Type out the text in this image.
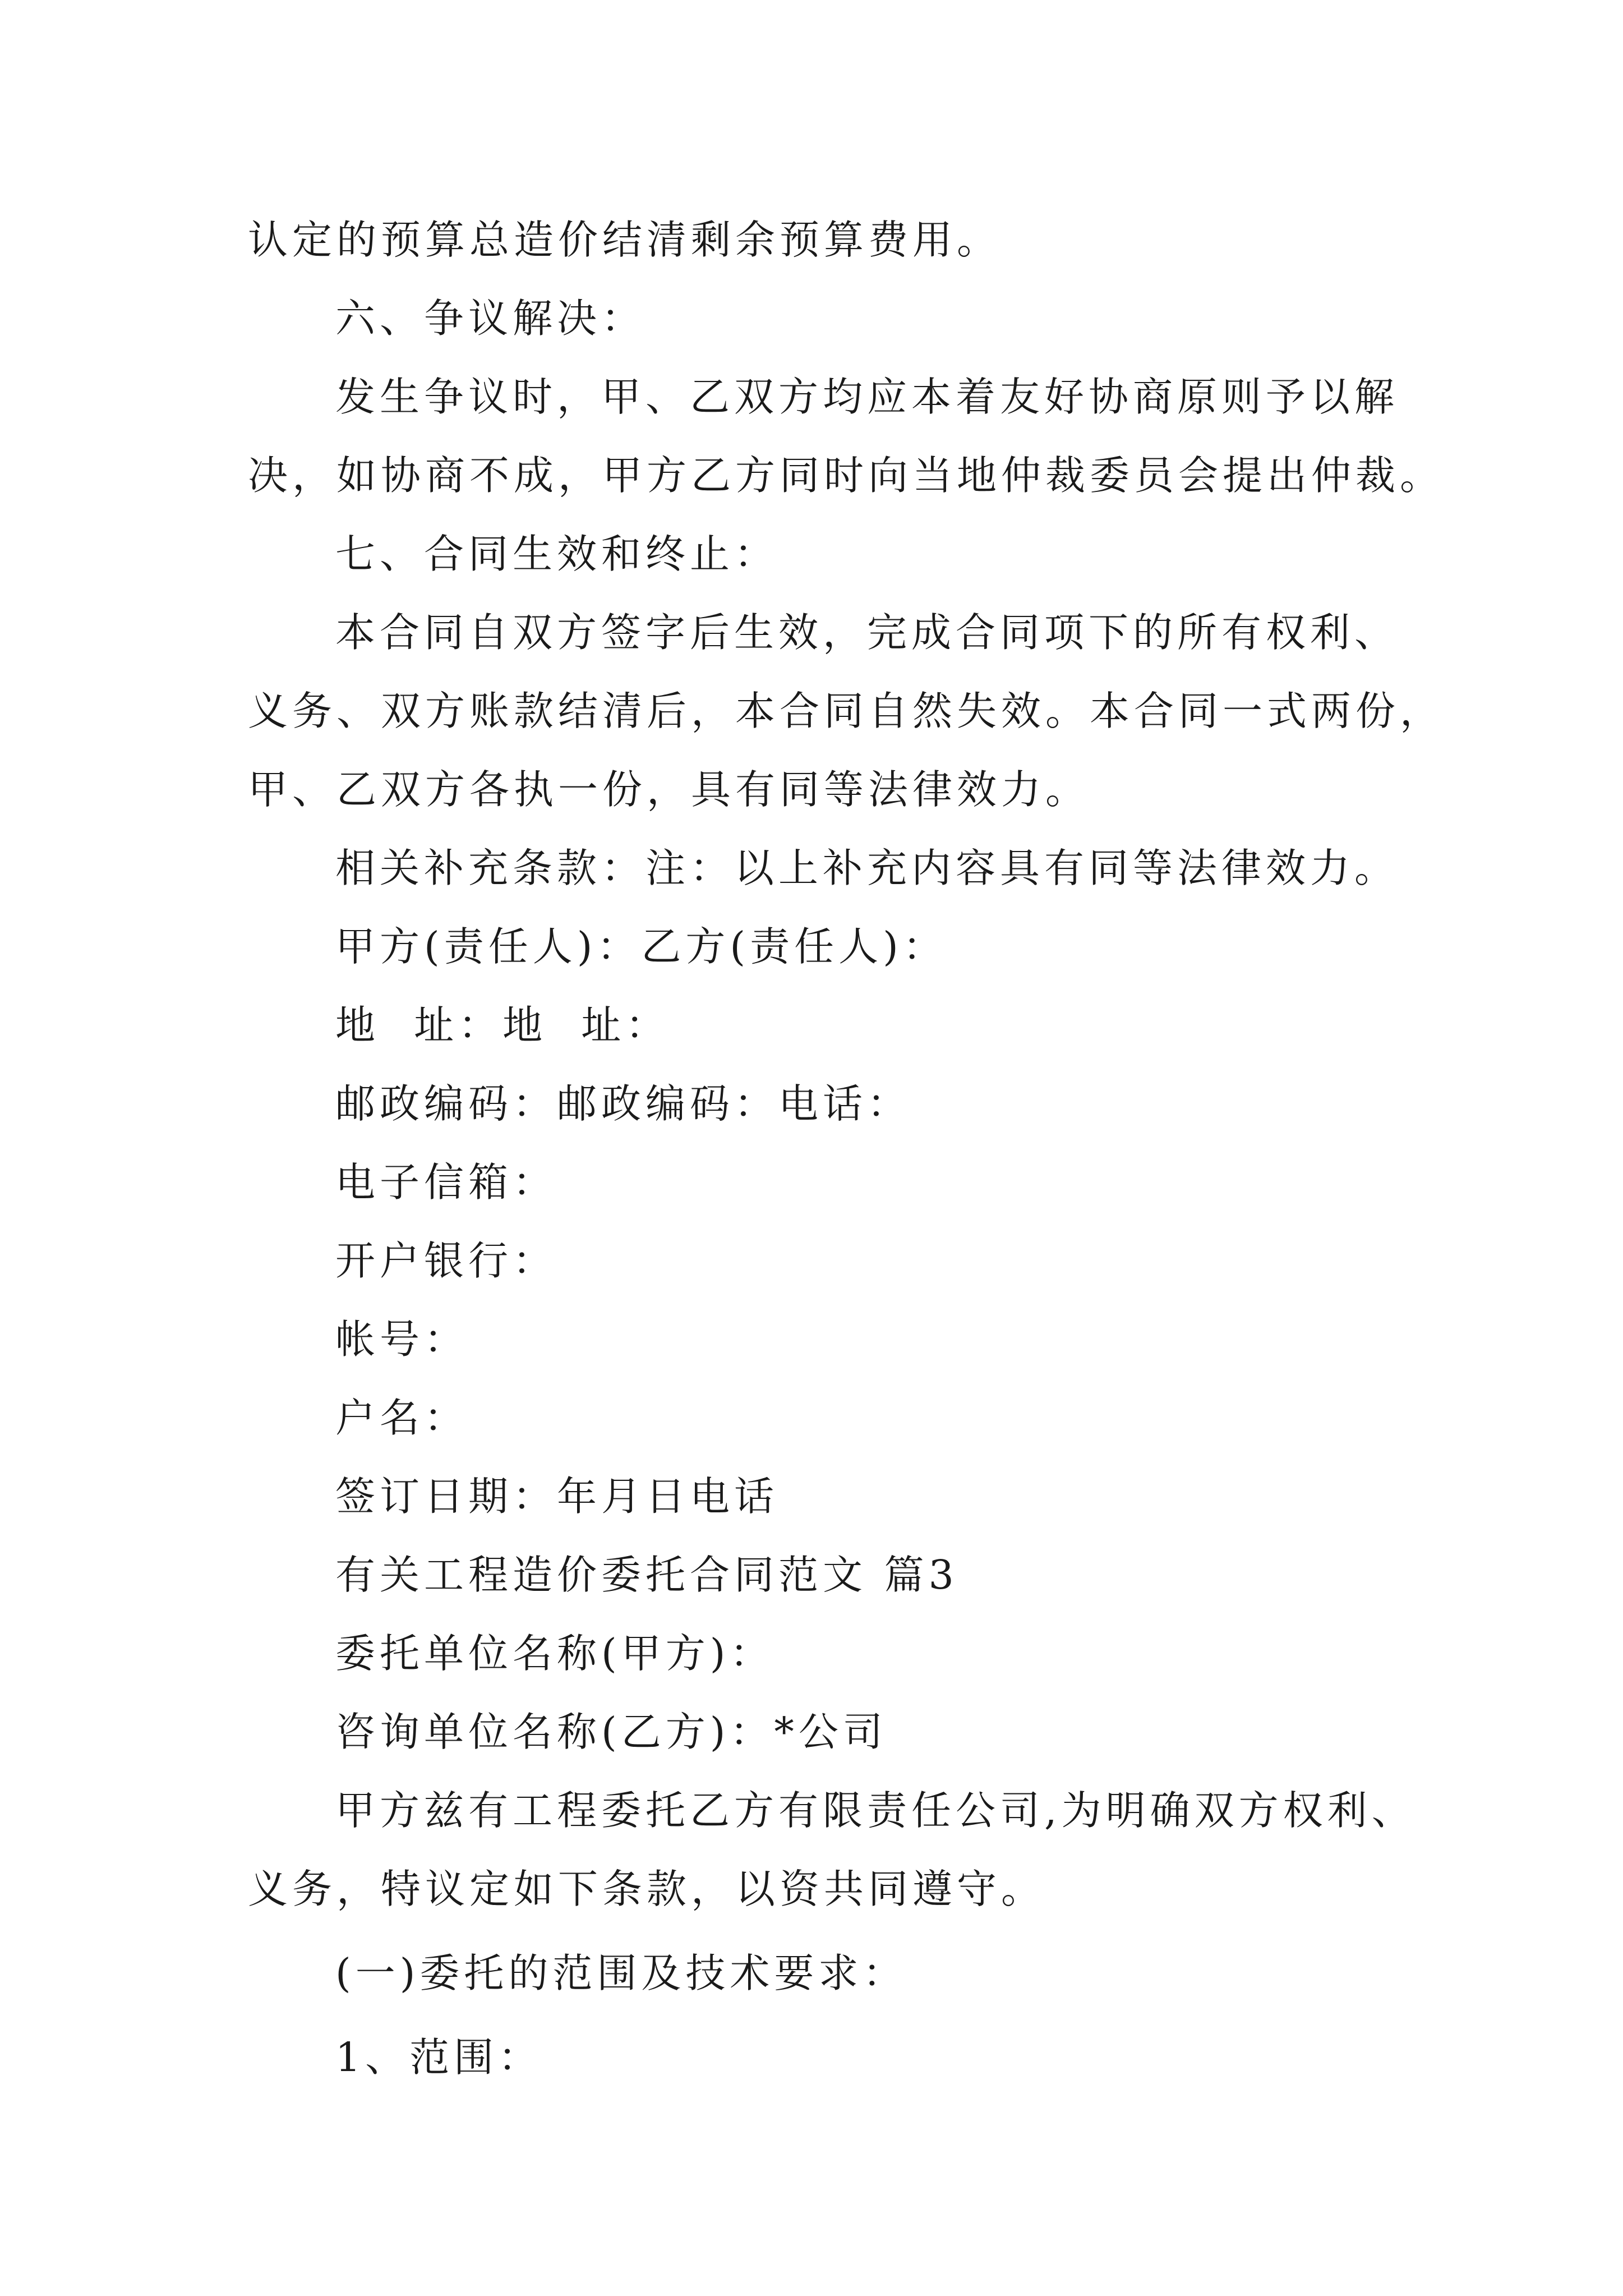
认定的预算总造价结清剩余预算费用。
六、争议解决：
发生争议时，甲、乙双方均应本着友好协商原则予以解
决，如协商不成，甲方乙方同时向当地仲裁委员会提出仲裁。
七、合同生效和终止：
本合同自双方签字后生效，完成合同项下的所有权利、
义务、双方账款结清后，本合同自然失效。本合同一式两份，
甲、乙双方各执一份，具有同等法律效力。
相关补充条款：注：以上补充内容具有同等法律效力。
甲方(责任人)：乙方(责任人)：
地  址：地  址：
邮政编码：邮政编码：电话：
电子信箱：
开户银行：
帐号：
户名：
签订日期：年月日电话
有关工程造价委托合同范文 篇3
委托单位名称(甲方)：
咨询单位名称(乙方)：*公司
甲方兹有工程委托乙方有限责任公司,为明确双方权利、
义务，特议定如下条款，以资共同遵守。
(一)委托的范围及技术要求：
1、范围：
